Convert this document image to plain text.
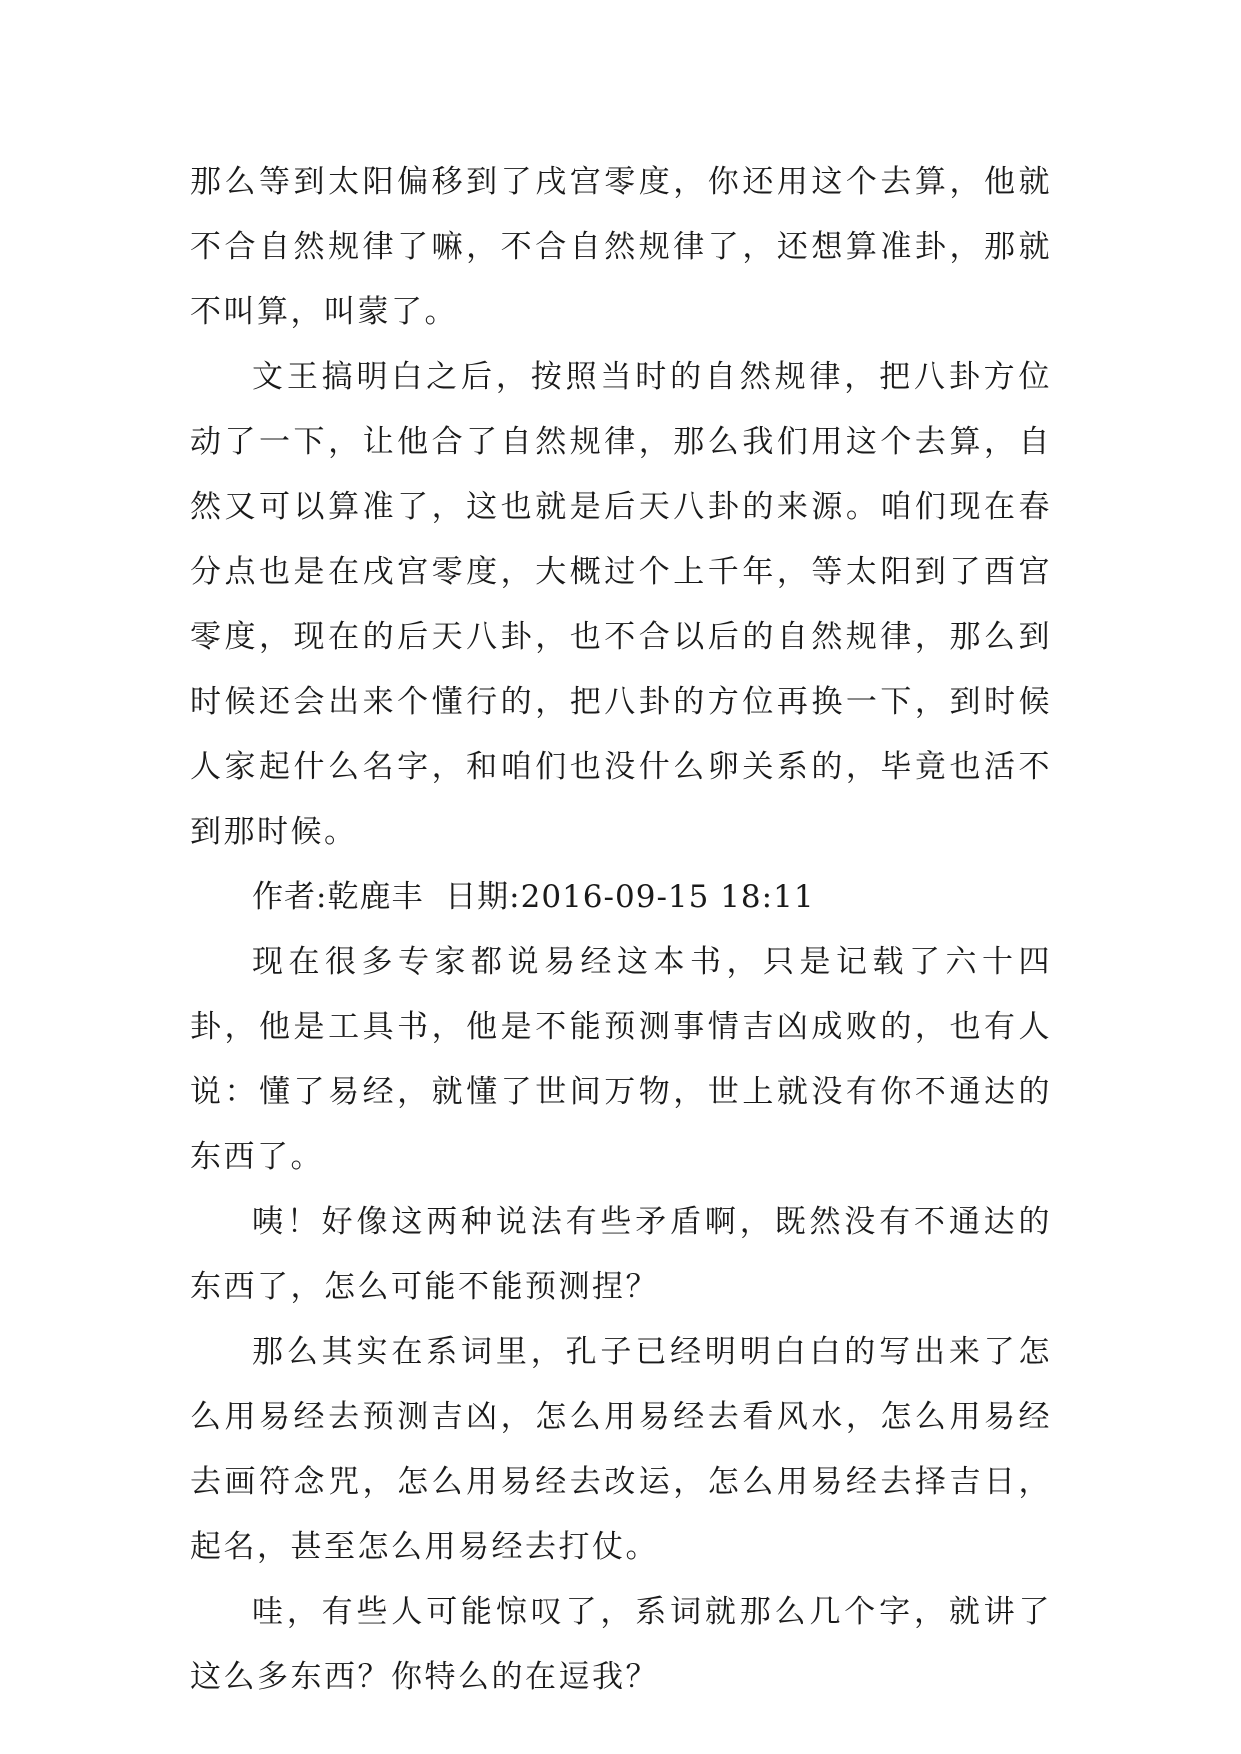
那么等到太阳偏移到了戌宫零度，你还用这个去算，他就不合自然规律了嘛，不合自然规律了，还想算准卦，那就不叫算，叫蒙了。

文王搞明白之后，按照当时的自然规律，把八卦方位动了一下，让他合了自然规律，那么我们用这个去算，自然又可以算准了，这也就是后天八卦的来源。咱们现在春分点也是在戌宫零度，大概过个上千年，等太阳到了酉宫零度，现在的后天八卦，也不合以后的自然规律，那么到时候还会出来个懂行的，把八卦的方位再换一下，到时候人家起什么名字，和咱们也没什么卵关系的，毕竟也活不到那时候。

作者:乾鹿丰 日期:2016-09-15 18:11

现在很多专家都说易经这本书，只是记载了六十四卦，他是工具书，他是不能预测事情吉凶成败的，也有人说：懂了易经，就懂了世间万物，世上就没有你不通达的东西了。

咦！好像这两种说法有些矛盾啊，既然没有不通达的东西了，怎么可能不能预测捏？

那么其实在系词里，孔子已经明明白白的写出来了怎么用易经去预测吉凶，怎么用易经去看风水，怎么用易经去画符念咒，怎么用易经去改运，怎么用易经去择吉日，起名，甚至怎么用易经去打仗。

哇，有些人可能惊叹了，系词就那么几个字，就讲了这么多东西？你特么的在逗我？
